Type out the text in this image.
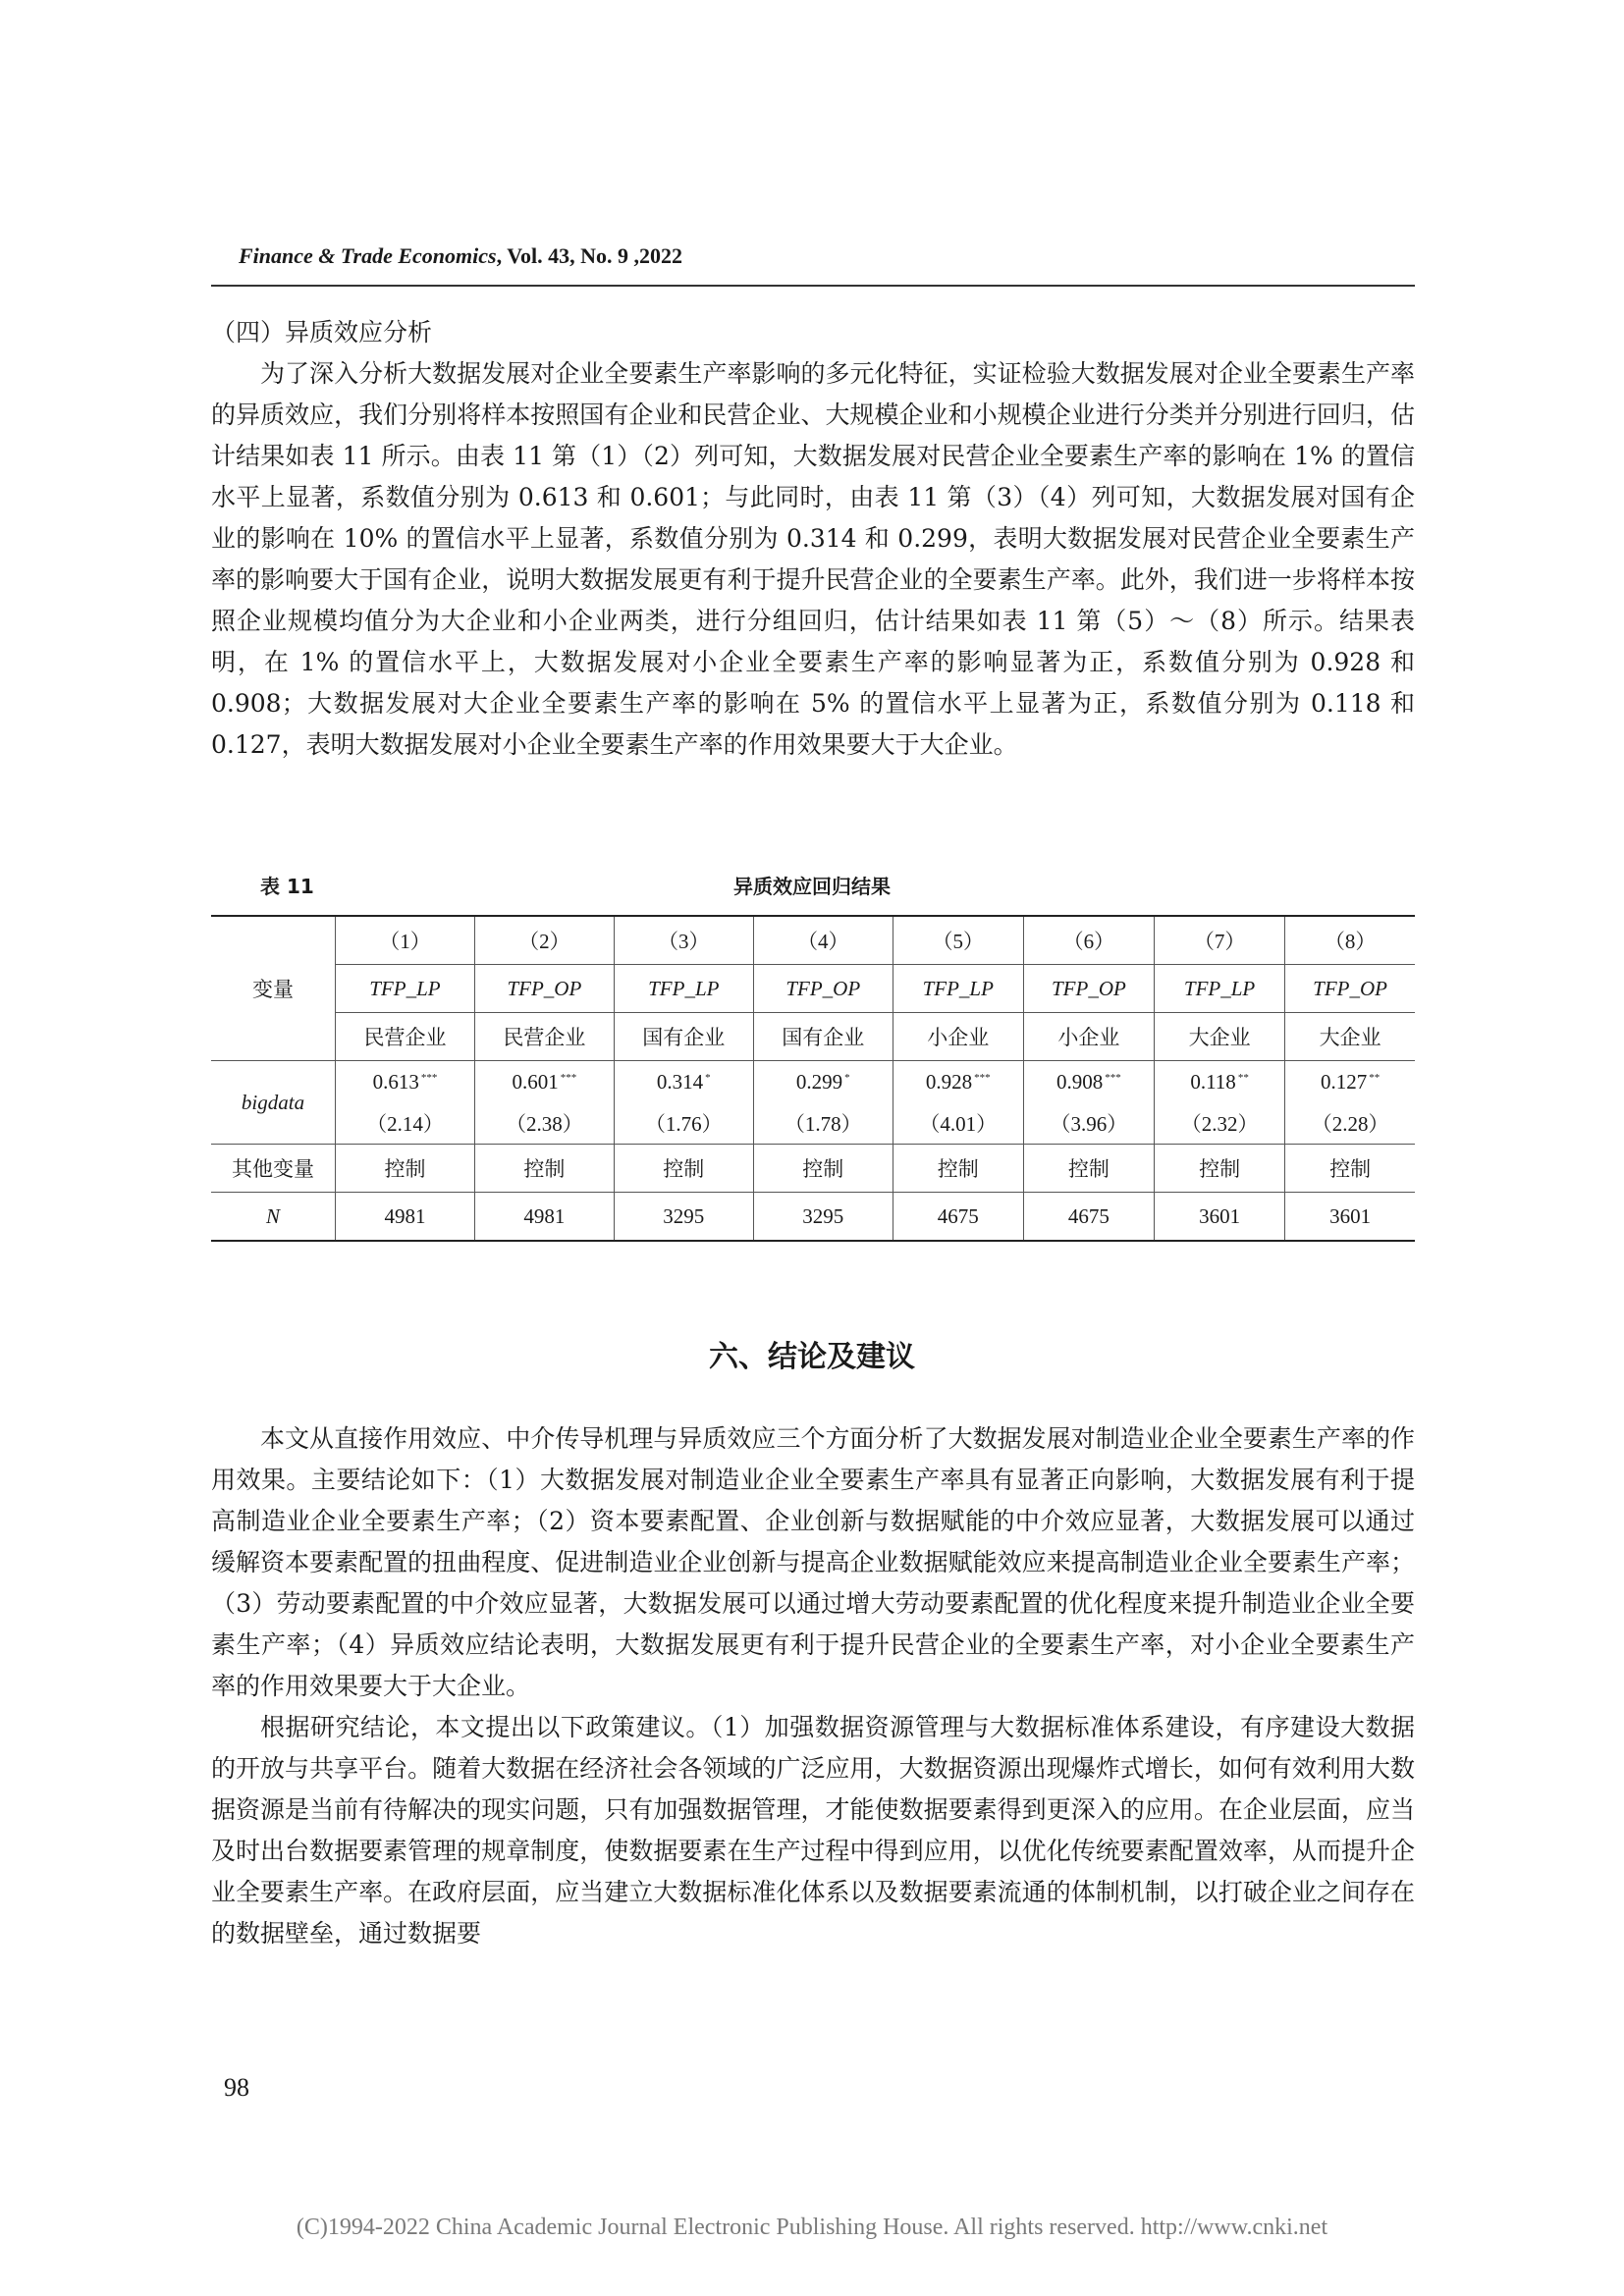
Finance & Trade Economics, Vol. 43, No. 9 ,2022

（四）异质效应分析

为了深入分析大数据发展对企业全要素生产率影响的多元化特征，实证检验大数据发展对企业全要素生产率的异质效应，我们分别将样本按照国有企业和民营企业、大规模企业和小规模企业进行分类并分别进行回归，估计结果如表 11 所示。由表 11 第（1）（2）列可知，大数据发展对民营企业全要素生产率的影响在 1% 的置信水平上显著，系数值分别为 0.613 和 0.601；与此同时，由表 11 第（3）（4）列可知，大数据发展对国有企业的影响在 10% 的置信水平上显著，系数值分别为 0.314 和 0.299，表明大数据发展对民营企业全要素生产率的影响要大于国有企业，说明大数据发展更有利于提升民营企业的全要素生产率。此外，我们进一步将样本按照企业规模均值分为大企业和小企业两类，进行分组回归，估计结果如表 11 第（5）～（8）所示。结果表明，在 1% 的置信水平上，大数据发展对小企业全要素生产率的影响显著为正，系数值分别为 0.928 和 0.908；大数据发展对大企业全要素生产率的影响在 5% 的置信水平上显著为正，系数值分别为 0.118 和 0.127，表明大数据发展对小企业全要素生产率的作用效果要大于大企业。

表 11	异质效应回归结果
变量	（1）	（2）	（3）	（4）	（5）	（6）	（7）	（8）
	TFP_LP	TFP_OP	TFP_LP	TFP_OP	TFP_LP	TFP_OP	TFP_LP	TFP_OP
	民营企业	民营企业	国有企业	国有企业	小企业	小企业	大企业	大企业
bigdata	0.613 ***	0.601 ***	0.314 *	0.299 *	0.928 ***	0.908 ***	0.118 **	0.127 **
	（2.14）	（2.38）	（1.76）	（1.78）	（4.01）	（3.96）	（2.32）	（2.28）
其他变量	控制	控制	控制	控制	控制	控制	控制	控制
N	4981	4981	3295	3295	4675	4675	3601	3601
六、结论及建议

本文从直接作用效应、中介传导机理与异质效应三个方面分析了大数据发展对制造业企业全要素生产率的作用效果。主要结论如下：（1）大数据发展对制造业企业全要素生产率具有显著正向影响，大数据发展有利于提高制造业企业全要素生产率；（2）资本要素配置、企业创新与数据赋能的中介效应显著，大数据发展可以通过缓解资本要素配置的扭曲程度、促进制造业企业创新与提高企业数据赋能效应来提高制造业企业全要素生产率；（3）劳动要素配置的中介效应显著，大数据发展可以通过增大劳动要素配置的优化程度来提升制造业企业全要素生产率；（4）异质效应结论表明，大数据发展更有利于提升民营企业的全要素生产率，对小企业全要素生产率的作用效果要大于大企业。

根据研究结论，本文提出以下政策建议。（1）加强数据资源管理与大数据标准体系建设，有序建设大数据的开放与共享平台。随着大数据在经济社会各领域的广泛应用，大数据资源出现爆炸式增长，如何有效利用大数据资源是当前有待解决的现实问题，只有加强数据管理，才能使数据要素得到更深入的应用。在企业层面，应当及时出台数据要素管理的规章制度，使数据要素在生产过程中得到应用，以优化传统要素配置效率，从而提升企业全要素生产率。在政府层面，应当建立大数据标准化体系以及数据要素流通的体制机制，以打破企业之间存在的数据壁垒，通过数据要

98
(C)1994-2022 China Academic Journal Electronic Publishing House. All rights reserved. http://www.cnki.net
